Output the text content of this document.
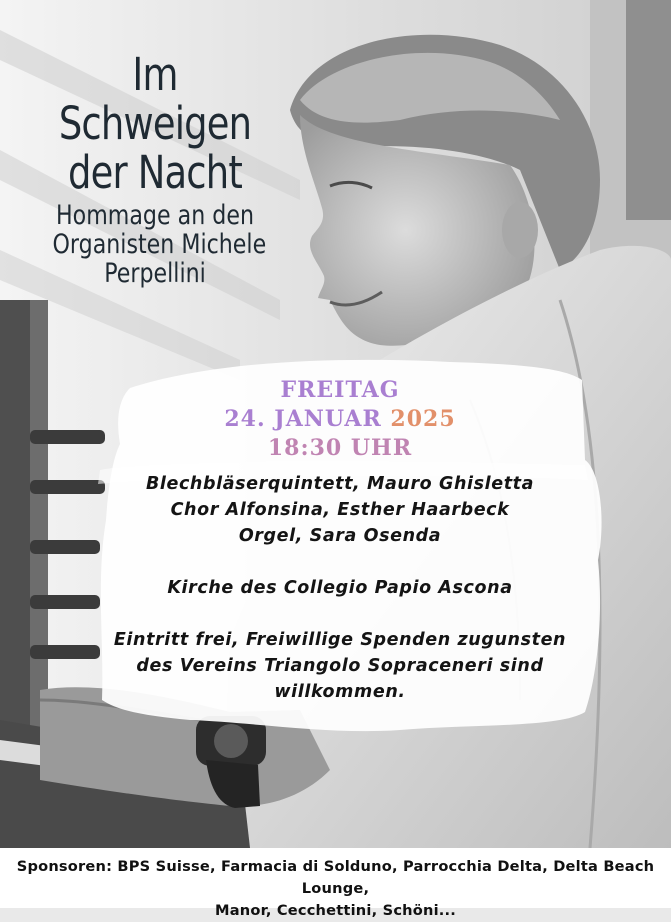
Im
Schweigen
der Nacht
Hommage an den
Organisten Michele
Perpellini
FREITAG
24. JANUAR 2025
18:30 UHR
Blechbläserquintett, Mauro Ghisletta
Chor Alfonsina, Esther Haarbeck
Orgel, Sara Osenda
Kirche des Collegio Papio Ascona
Eintritt frei, Freiwillige Spenden zugunsten
des Vereins Triangolo Sopraceneri sind
willkommen.
Sponsoren: BPS Suisse, Farmacia di Solduno, Parrocchia Delta, Delta Beach Lounge,
Manor, Cecchettini, Schöni...
